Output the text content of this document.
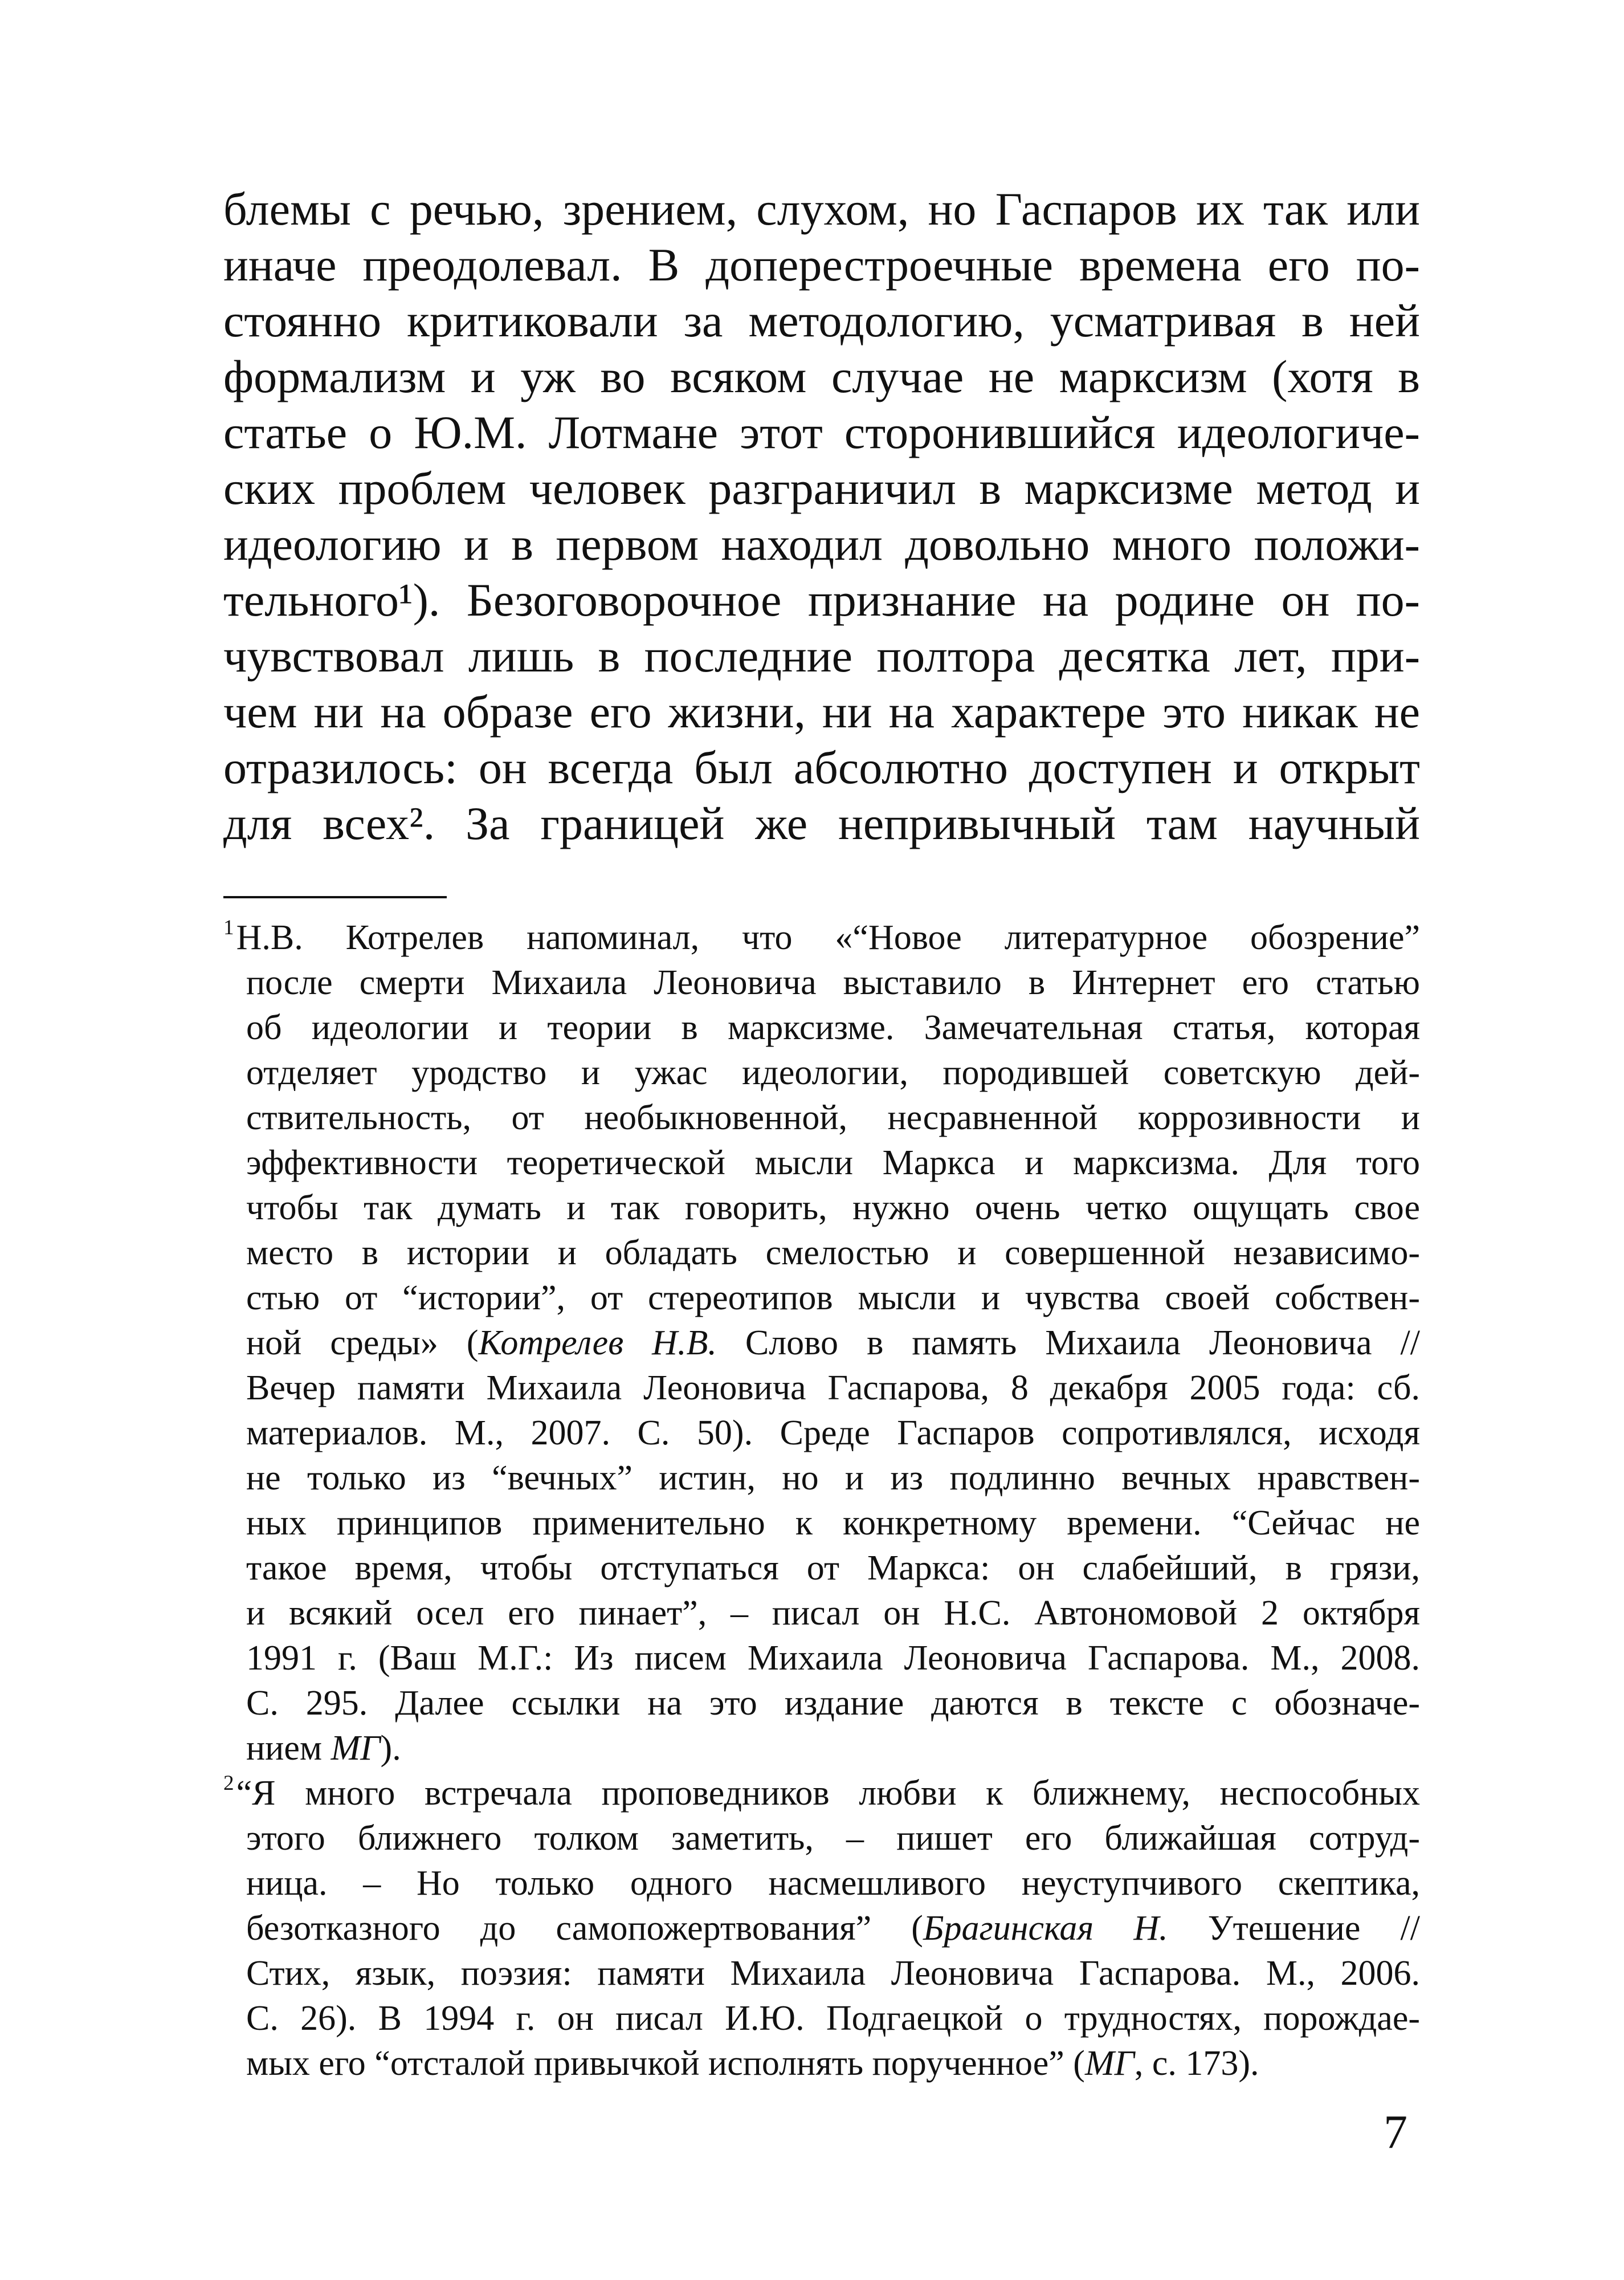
блемы с речью, зрением, слухом, но Гаспаров их так или
иначе преодолевал. В доперестроечные времена его по-
стоянно критиковали за методологию, усматривая в ней
формализм и уж во всяком случае не марксизм (хотя в
статье о Ю.М. Лотмане этот сторонившийся идеологиче-
ских проблем человек разграничил в марксизме метод и
идеологию и в первом находил довольно много положи-
тельного¹). Безоговорочное признание на родине он по-
чувствовал лишь в последние полтора десятка лет, при-
чем ни на образе его жизни, ни на характере это никак не
отразилось: он всегда был абсолютно доступен и открыт
для всех². За границей же непривычный там научный
$^1$Н.В. Котрелев напоминал, что «“Новое литературное обозрение”
после смерти Михаила Леоновича выставило в Интернет его статью
об идеологии и теории в марксизме. Замечательная статья, которая
отделяет уродство и ужас идеологии, породившей советскую дей-
ствительность, от необыкновенной, несравненной коррозивности и
эффективности теоретической мысли Маркса и марксизма. Для того
чтобы так думать и так говорить, нужно очень четко ощущать свое
место в истории и обладать смелостью и совершенной независимо-
стью от “истории”, от стереотипов мысли и чувства своей собствен-
ной среды» (Котрелев Н.В. Слово в память Михаила Леоновича //
Вечер памяти Михаила Леоновича Гаспарова, 8 декабря 2005 года: сб.
материалов. М., 2007. С. 50). Среде Гаспаров сопротивлялся, исходя
не только из “вечных” истин, но и из подлинно вечных нравствен-
ных принципов применительно к конкретному времени. “Сейчас не
такое время, чтобы отступаться от Маркса: он слабейший, в грязи,
и всякий осел его пинает”, – писал он Н.С. Автономовой 2 октября
1991 г. (Ваш М.Г.: Из писем Михаила Леоновича Гаспарова. М., 2008.
С. 295. Далее ссылки на это издание даются в тексте с обозначе-
нием МГ).
$^2$“Я много встречала проповедников любви к ближнему, неспособных
этого ближнего толком заметить, – пишет его ближайшая сотруд-
ница. – Но только одного насмешливого неуступчивого скептика,
безотказного до самопожертвования” (Брагинская Н. Утешение //
Стих, язык, поэзия: памяти Михаила Леоновича Гаспарова. М., 2006.
С. 26). В 1994 г. он писал И.Ю. Подгаецкой о трудностях, порождае-
мых его “отсталой привычкой исполнять порученное” (МГ, с. 173).
7
